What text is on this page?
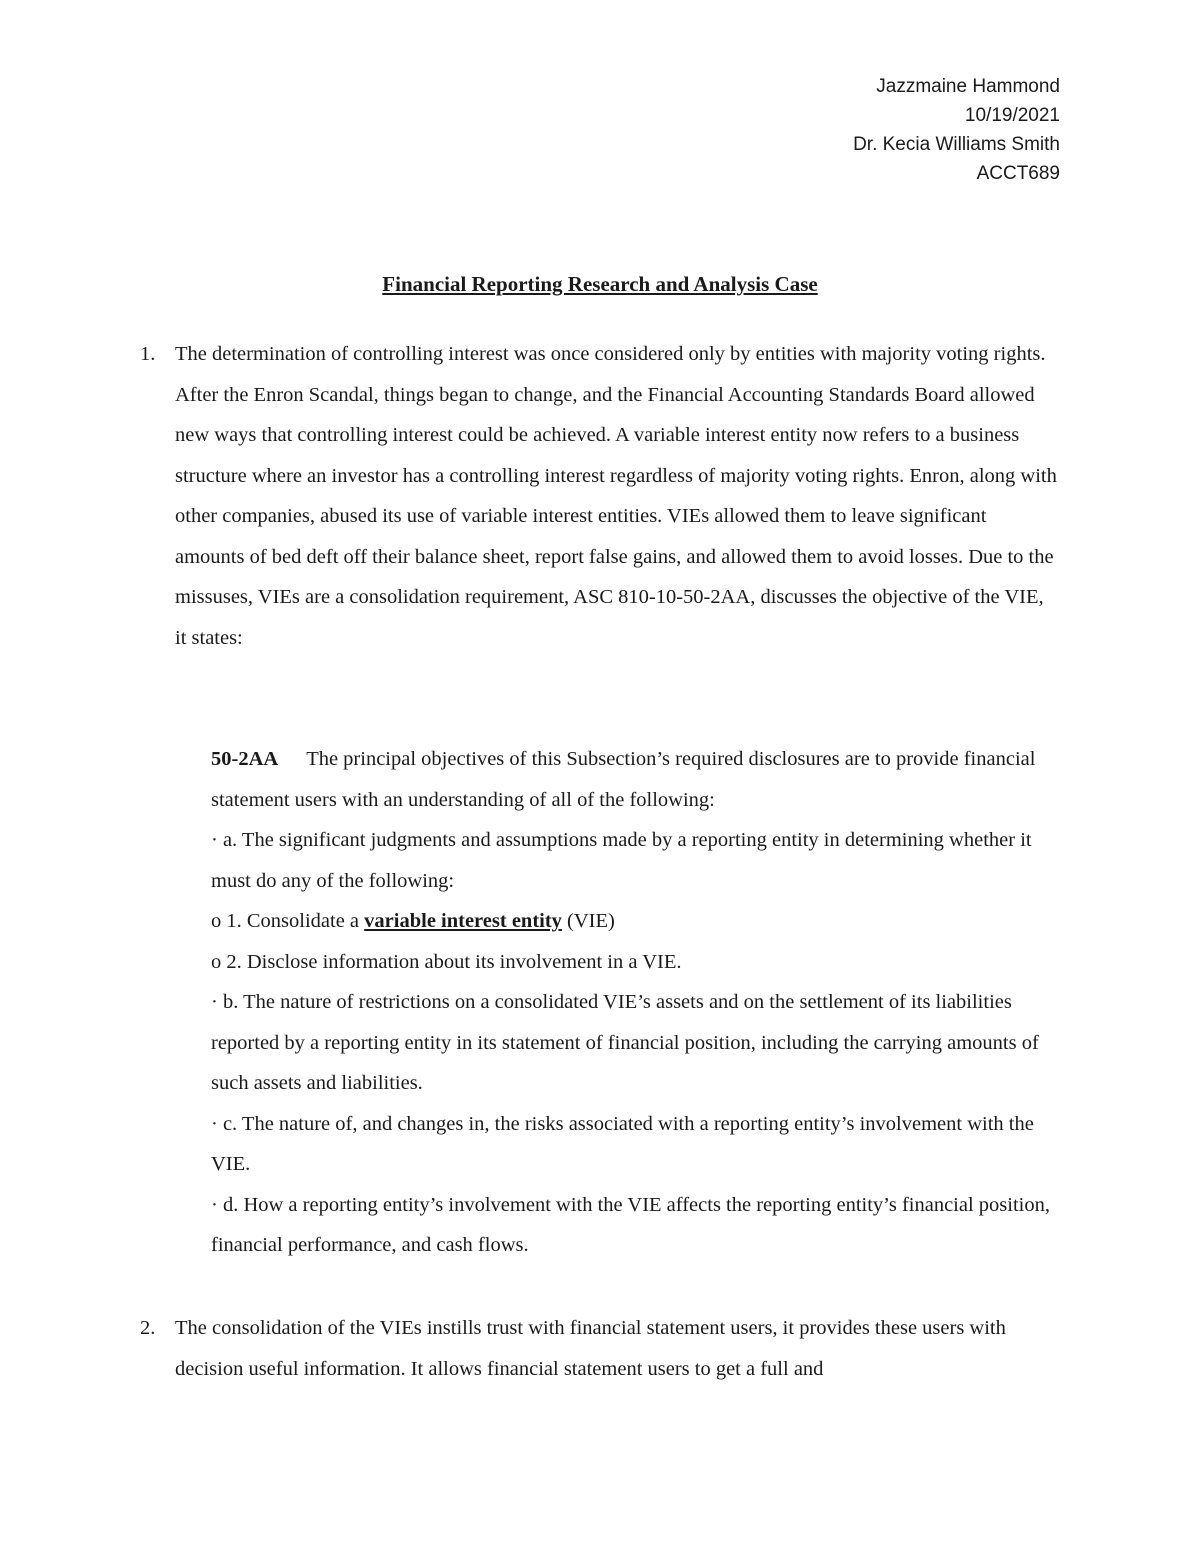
Jazzmaine Hammond
10/19/2021
Dr. Kecia Williams Smith
ACCT689
Financial Reporting Research and Analysis Case
1. The determination of controlling interest was once considered only by entities with majority voting rights. After the Enron Scandal, things began to change, and the Financial Accounting Standards Board allowed new ways that controlling interest could be achieved. A variable interest entity now refers to a business structure where an investor has a controlling interest regardless of majority voting rights. Enron, along with other companies, abused its use of variable interest entities. VIEs allowed them to leave significant amounts of bed deft off their balance sheet, report false gains, and allowed them to avoid losses. Due to the missuses, VIEs are a consolidation requirement, ASC 810-10-50-2AA, discusses the objective of the VIE, it states:
50-2AA The principal objectives of this Subsection’s required disclosures are to provide financial statement users with an understanding of all of the following:
· a. The significant judgments and assumptions made by a reporting entity in determining whether it must do any of the following:
o 1. Consolidate a variable interest entity (VIE)
o 2. Disclose information about its involvement in a VIE.
· b. The nature of restrictions on a consolidated VIE’s assets and on the settlement of its liabilities reported by a reporting entity in its statement of financial position, including the carrying amounts of such assets and liabilities.
· c. The nature of, and changes in, the risks associated with a reporting entity’s involvement with the VIE.
· d. How a reporting entity’s involvement with the VIE affects the reporting entity’s financial position, financial performance, and cash flows.
2. The consolidation of the VIEs instills trust with financial statement users, it provides these users with decision useful information. It allows financial statement users to get a full and
